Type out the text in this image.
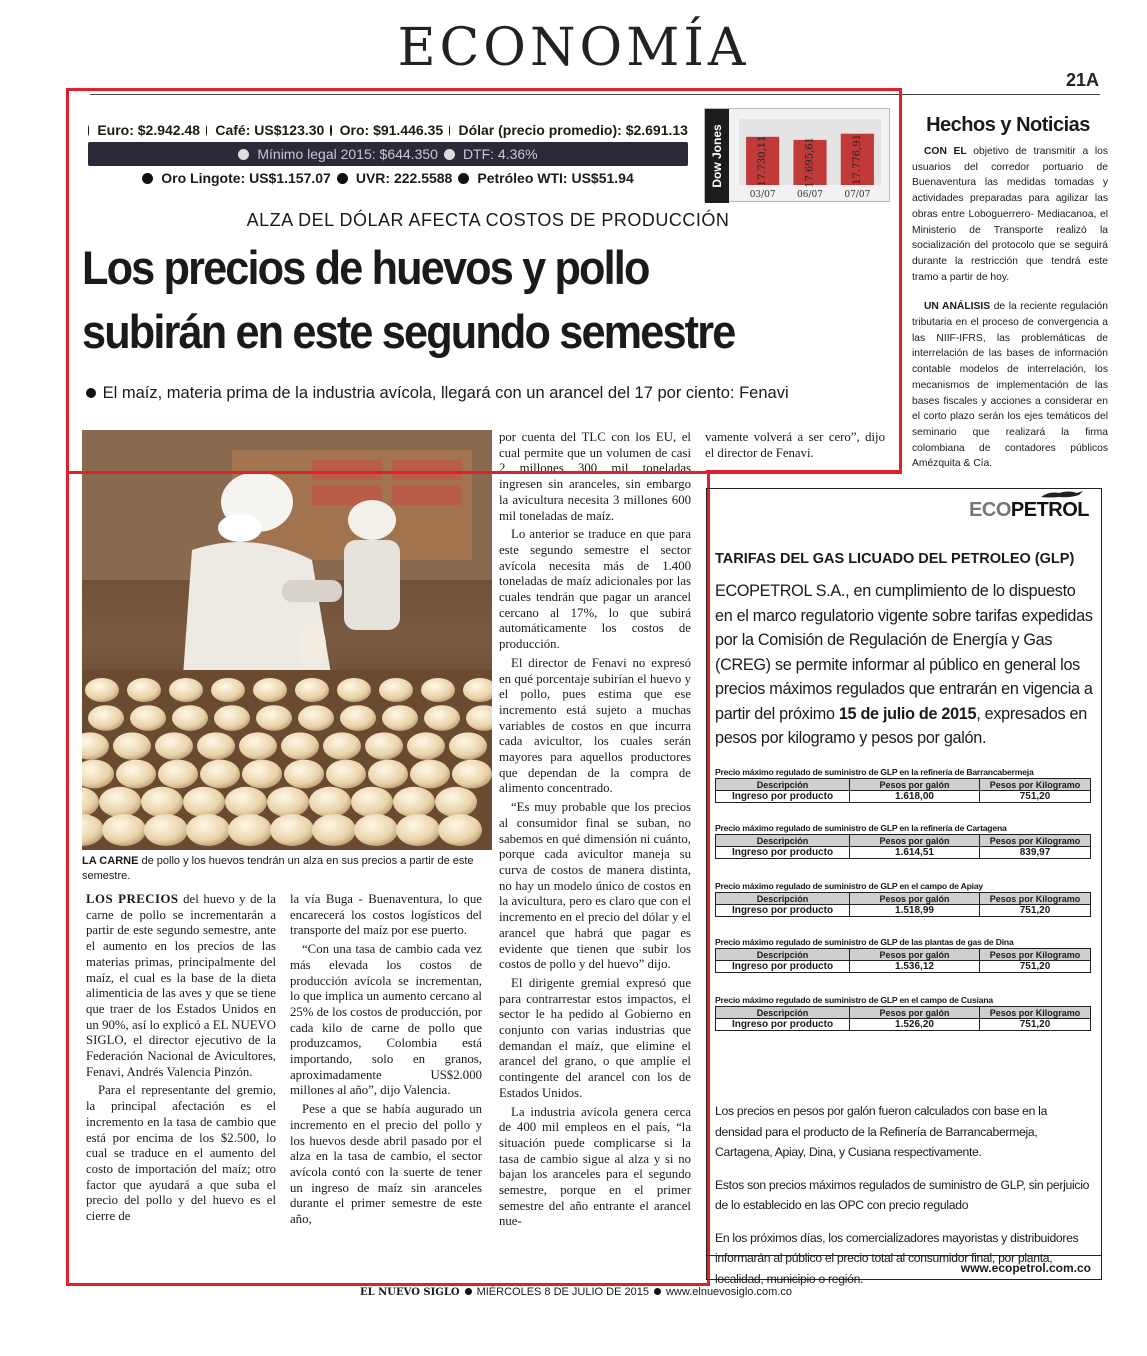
ECONOMÍA
21A
Euro: $2.942.48 Café: US$123.30 Oro: $91.446.35 Dólar (precio promedio): $2.691.13
Mínimo legal 2015: $644.350 DTF: 4.36%
Oro Lingote: US$1.157.07 UVR: 222.5588 Petróleo WTI: US$51.94	Dow Jones	17.730,11
03/07
17.695,61
06/07
17.776,91
07/07
ALZA DEL DÓLAR AFECTA COSTOS DE PRODUCCIÓN
Los precios de huevos y pollo
subirán en este segundo semestre
El maíz, materia prima de la industria avícola, llegará con un arancel del 17 por ciento: Fenavi
LA CARNE de pollo y los huevos tendrán un alza en sus precios a partir de este semestre.

LOS PRECIOS del huevo y de la carne de pollo se incrementarán a partir de este segundo semestre, ante el aumento en los precios de las materias primas, principalmente del maíz, el cual es la base de la dieta alimenticia de las aves y que se tiene que traer de los Estados Unidos en un 90%, así lo explicó a EL NUEVO SIGLO, el director ejecutivo de la Federación Nacional de Avicultores, Fenavi, Andrés Valencia Pinzón.

Para el representante del gremio, la principal afectación es el incremento en la tasa de cambio que está por encima de los $2.500, lo cual se traduce en el aumento del costo de importación del maíz; otro factor que ayudará a que suba el precio del pollo y del huevo es el cierre de

la vía Buga - Buenaventura, lo que encarecerá los costos logísticos del transporte del maíz por ese puerto.

“Con una tasa de cambio cada vez más elevada los costos de producción avícola se incrementan, lo que implica un aumento cercano al 25% de los costos de producción, por cada kilo de carne de pollo que produzcamos, Colombia está importando, solo en granos, aproximadamente US$2.000 millones al año”, dijo Valencia.

Pese a que se había augurado un incremento en el precio del pollo y los huevos desde abril pasado por el alza en la tasa de cambio, el sector avícola contó con la suerte de tener un ingreso de maíz sin aranceles durante el primer semestre de este año,

por cuenta del TLC con los EU, el cual permite que un volumen de casi 2 millones 300 mil toneladas ingresen sin aranceles, sin embargo la avicultura necesita 3 millones 600 mil toneladas de maíz.

Lo anterior se traduce en que para este segundo semestre el sector avícola necesita más de 1.400 toneladas de maíz adicionales por las cuales tendrán que pagar un arancel cercano al 17%, lo que subirá automáticamente los costos de producción.

El director de Fenavi no expresó en qué porcentaje subirían el huevo y el pollo, pues estima que ese incremento está sujeto a muchas variables de costos en que incurra cada avicultor, los cuales serán mayores para aquellos productores que dependan de la compra de alimento concentrado.

“Es muy probable que los precios al consumidor final se suban, no sabemos en qué dimensión ni cuánto, porque cada avicultor maneja su curva de costos de manera distinta, no hay un modelo único de costos en la avicultura, pero es claro que con el incremento en el precio del dólar y el arancel que habrá que pagar es evidente que tienen que subir los costos de pollo y del huevo” dijo.

El dirigente gremial expresó que para contrarrestar estos impactos, el sector le ha pedido al Gobierno en conjunto con varias industrias que demandan el maíz, que elimine el arancel del grano, o que amplíe el contingente del arancel con los de Estados Unidos.

La industria avícola genera cerca de 400 mil empleos en el país, “la situación puede complicarse si la tasa de cambio sigue al alza y si no bajan los aranceles para el segundo semestre, porque en el primer semestre del año entrante el arancel nue-

vamente volverá a ser cero”, dijo el director de Fenavi.

Hechos y Noticias

CON EL objetivo de transmitir a los usuarios del corredor portuario de Buenaventura las medidas tomadas y actividades preparadas para agilizar las obras entre Loboguerrero- Mediacanoa, el Ministerio de Transporte realizó la socialización del protocolo que se seguirá durante la restricción que tendrá este tramo a partir de hoy.

UN ANÁLISIS de la reciente regulación tributaria en el proceso de convergencia a las NIIF-IFRS, las problemáticas de interrelación de las bases de información contable modelos de interrelación, los mecanismos de implementación de las bases fiscales y acciones a considerar en el corto plazo serán los ejes temáticos del seminario que realizará la firma colombiana de contadores públicos Amézquita & Cía.

ECOPETROL
TARIFAS DEL GAS LICUADO DEL PETROLEO (GLP)
ECOPETROL S.A., en cumplimiento de lo dispuesto en el marco regulatorio vigente sobre tarifas expedidas por la Comisión de Regulación de Energía y Gas (CREG) se permite informar al público en general los precios máximos regulados que entrarán en vigencia a partir del próximo 15 de julio de 2015, expresados en pesos por kilogramo y pesos por galón.
Precio máximo regulado de suministro de GLP en la refinería de Barrancabermeja
Descripción	Pesos por galón	Pesos por Kilogramo
Ingreso por producto	1.618,00	751,20
Precio máximo regulado de suministro de GLP en la refinería de Cartagena
Descripción	Pesos por galón	Pesos por Kilogramo
Ingreso por producto	1.614,51	839,97
Precio máximo regulado de suministro de GLP en el campo de Apiay
Descripción	Pesos por galón	Pesos por Kilogramo
Ingreso por producto	1.518,99	751,20
Precio máximo regulado de suministro de GLP de las plantas de gas de Dina
Descripción	Pesos por galón	Pesos por Kilogramo
Ingreso por producto	1.536,12	751,20
Precio máximo regulado de suministro de GLP en el campo de Cusiana
Descripción	Pesos por galón	Pesos por Kilogramo
Ingreso por producto	1.526,20	751,20

Los precios en pesos por galón fueron calculados con base en la densidad para el producto de la Refinería de Barrancabermeja, Cartagena, Apiay, Dina, y Cusiana respectivamente.

Estos son precios máximos regulados de suministro de GLP, sin perjuicio de lo establecido en las OPC con precio regulado

En los próximos días, los comercializadores mayoristas y distribuidores informarán al público el precio total al consumidor final, por planta, localidad, municipio o región.

www.ecopetrol.com.co
EL NUEVO SIGLO MIÉRCOLES 8 DE JULIO DE 2015 www.elnuevosiglo.com.co
